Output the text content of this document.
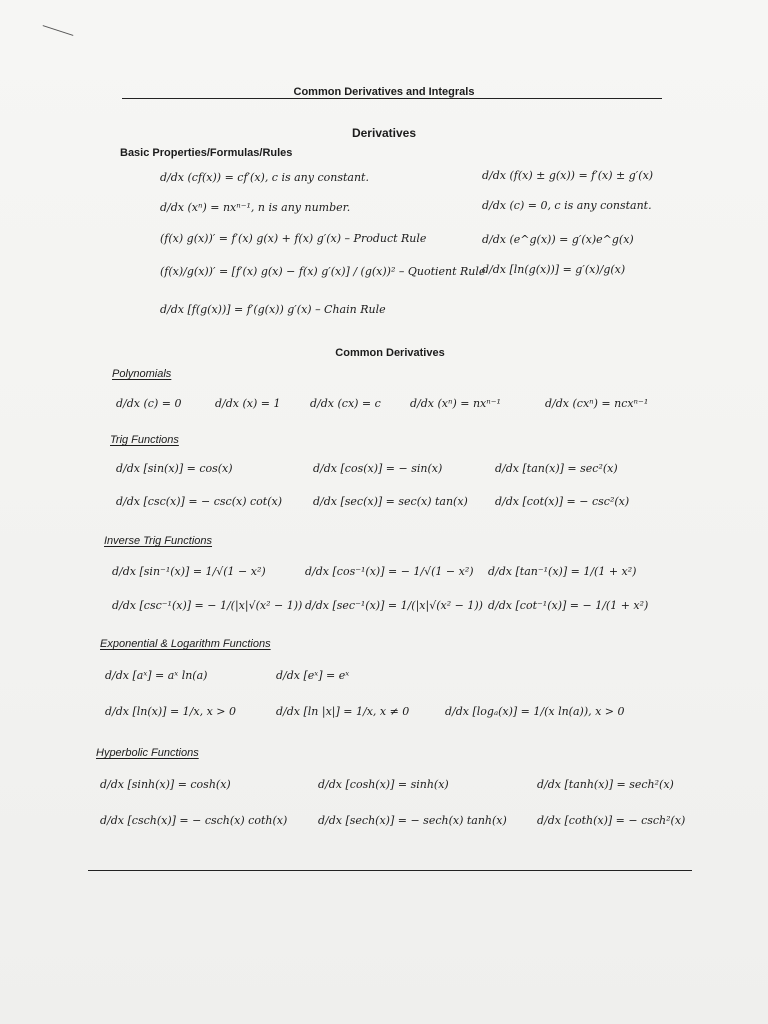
Common Derivatives and Integrals
Derivatives
Basic Properties/Formulas/Rules
d/dx (cf(x)) = cf′(x), c is any constant.
d/dx (xⁿ) = nxⁿ⁻¹, n is any number.
(f(x) g(x))′ = f′(x) g(x) + f(x) g′(x) – Product Rule
(f(x)/g(x))′ = [f′(x) g(x) − f(x) g′(x)] / (g(x))² – Quotient Rule
d/dx [f(g(x))] = f′(g(x)) g′(x) – Chain Rule
d/dx (f(x) ± g(x)) = f′(x) ± g′(x)
d/dx (c) = 0, c is any constant.
d/dx (e^g(x)) = g′(x)e^g(x)
d/dx [ln(g(x))] = g′(x)/g(x)
Common Derivatives
Polynomials
d/dx (c) = 0	d/dx (x) = 1	d/dx (cx) = c	d/dx (xⁿ) = nxⁿ⁻¹	d/dx (cxⁿ) = ncxⁿ⁻¹
Trig Functions
d/dx [sin(x)] = cos(x)	d/dx [cos(x)] = − sin(x)	d/dx [tan(x)] = sec²(x)
d/dx [csc(x)] = − csc(x) cot(x)	d/dx [sec(x)] = sec(x) tan(x) d/dx [cot(x)] = − csc²(x)
Inverse Trig Functions
d/dx [sin⁻¹(x)] = 1/√(1 − x²)	d/dx [cos⁻¹(x)] = − 1/√(1 − x²) d/dx [tan⁻¹(x)] = 1/(1 + x²)
d/dx [csc⁻¹(x)] = − 1/(|x|√(x² − 1)) d/dx [sec⁻¹(x)] = 1/(|x|√(x² − 1)) d/dx [cot⁻¹(x)] = − 1/(1 + x²)
Exponential & Logarithm Functions
d/dx [aˣ] = aˣ ln(a)	d/dx [eˣ] = eˣ
d/dx [ln(x)] = 1/x, x > 0	d/dx [ln |x|] = 1/x, x ≠ 0	d/dx [logₐ(x)] = 1/(x ln(a)), x > 0
Hyperbolic Functions
d/dx [sinh(x)] = cosh(x)	d/dx [cosh(x)] = sinh(x)	d/dx [tanh(x)] = sech²(x)
d/dx [csch(x)] = − csch(x) coth(x)	d/dx [sech(x)] = − sech(x) tanh(x)	d/dx [coth(x)] = − csch²(x)
